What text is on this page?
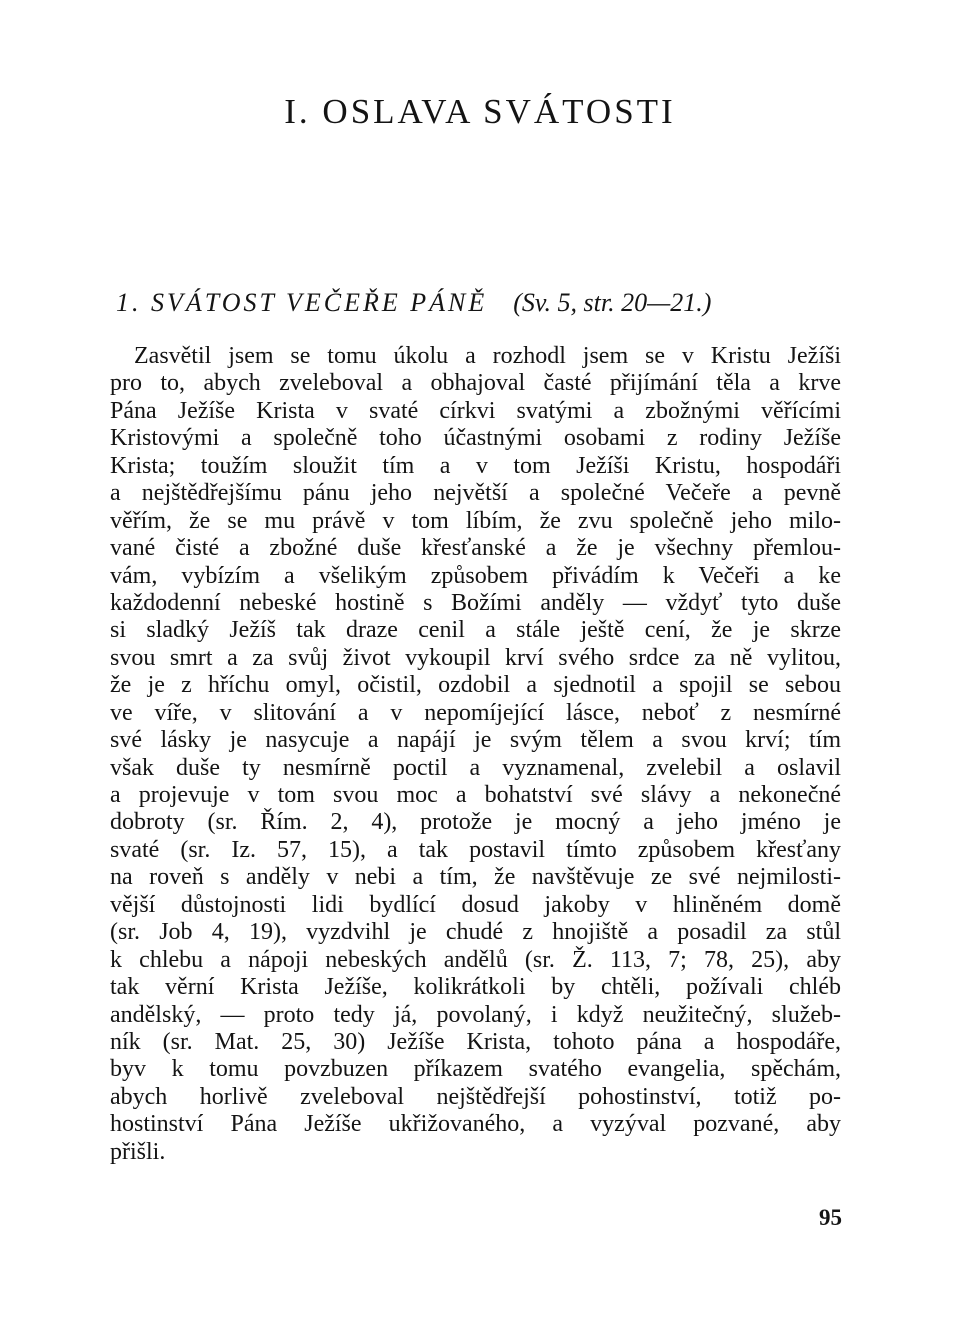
I. OSLAVA SVÁTOSTI
1. SVÁTOST VEČEŘE PÁNĚ (Sv. 5, str. 20—21.)
Zasvětil jsem se tomu úkolu a rozhodl jsem se v Kristu Ježíši
pro to, abych zveleboval a obhajoval časté přijímání těla a krve
Pána Ježíše Krista v svaté církvi svatými a zbožnými věřícími
Kristovými a společně toho účastnými osobami z rodiny Ježíše
Krista; toužím sloužit tím a v tom Ježíši Kristu, hospodáři
a nejštědřejšímu pánu jeho největší a společné Večeře a pevně
věřím, že se mu právě v tom líbím, že zvu společně jeho milo-
vané čisté a zbožné duše křesťanské a že je všechny přemlou-
vám, vybízím a všelikým způsobem přivádím k Večeři a ke
každodenní nebeské hostině s Božími anděly — vždyť tyto duše
si sladký Ježíš tak draze cenil a stále ještě cení, že je skrze
svou smrt a za svůj život vykoupil krví svého srdce za ně vylitou,
že je z hříchu omyl, očistil, ozdobil a sjednotil a spojil se sebou
ve víře, v slitování a v nepomíjející lásce, neboť z nesmírné
své lásky je nasycuje a napájí je svým tělem a svou krví; tím
však duše ty nesmírně poctil a vyznamenal, zvelebil a oslavil
a projevuje v tom svou moc a bohatství své slávy a nekonečné
dobroty (sr. Řím. 2, 4), protože je mocný a jeho jméno je
svaté (sr. Iz. 57, 15), a tak postavil tímto způsobem křesťany
na roveň s anděly v nebi a tím, že navštěvuje ze své nejmilosti-
vější důstojnosti lidi bydlící dosud jakoby v hliněném domě
(sr. Job 4, 19), vyzdvihl je chudé z hnojiště a posadil za stůl
k chlebu a nápoji nebeských andělů (sr. Ž. 113, 7; 78, 25), aby
tak věrní Krista Ježíše, kolikrátkoli by chtěli, požívali chléb
andělský, — proto tedy já, povolaný, i když neužitečný, služeb-
ník (sr. Mat. 25, 30) Ježíše Krista, tohoto pána a hospodáře,
byv k tomu povzbuzen příkazem svatého evangelia, spěchám,
abych horlivě zveleboval nejštědřejší pohostinství, totiž po-
hostinství Pána Ježíše ukřižovaného, a vyzýval pozvané, aby
přišli.
95
